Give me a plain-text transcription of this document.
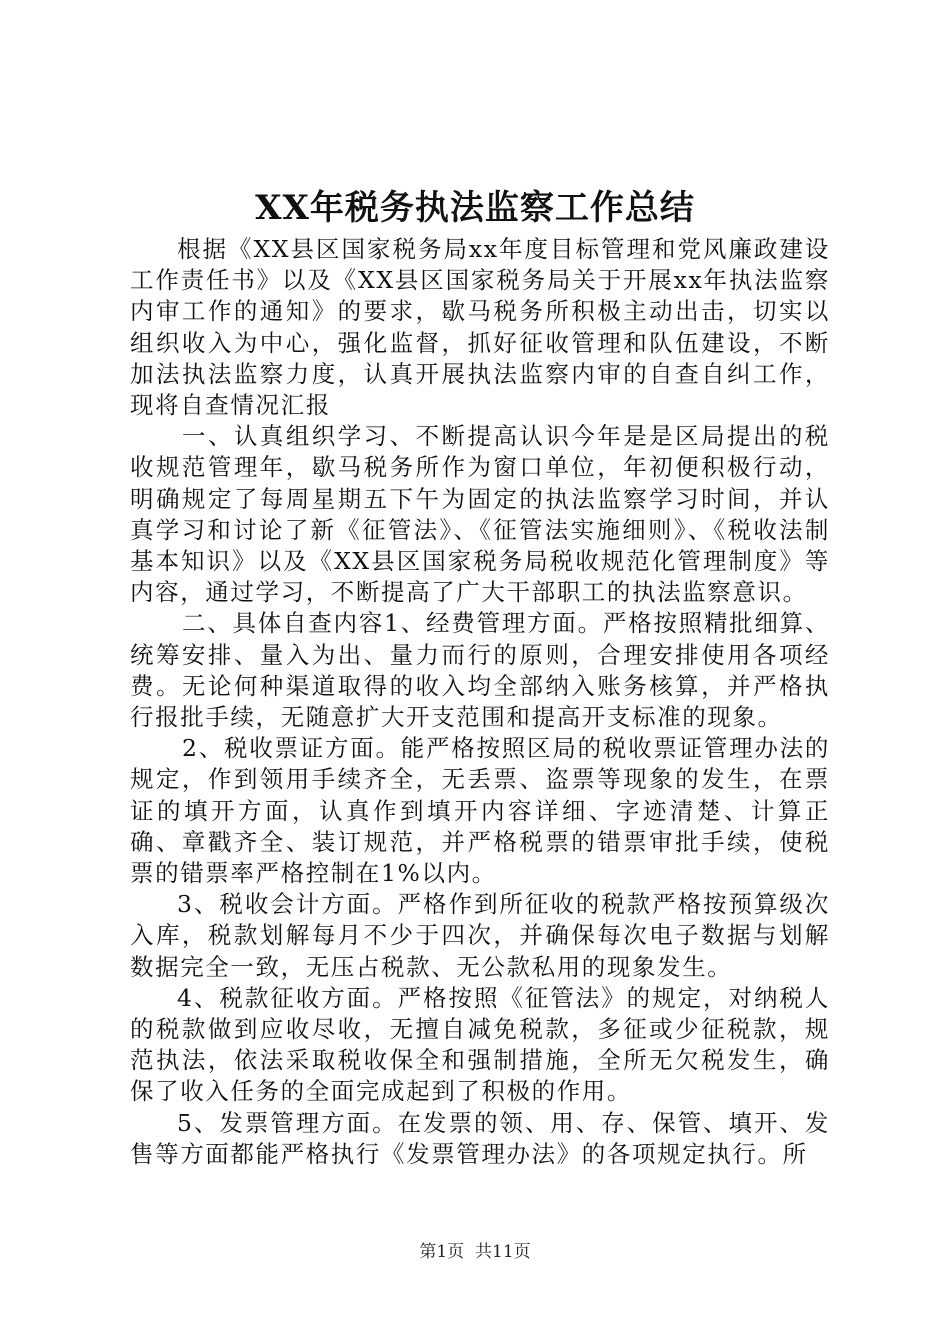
XX年税务执法监察工作总结

根据《XX县区国家税务局xx年度目标管理和党风廉政建设工作责任书》以及《XX县区国家税务局关于开展xx年执法监察内审工作的通知》的要求，歇马税务所积极主动出击，切实以组织收入为中心，强化监督，抓好征收管理和队伍建设，不断加法执法监察力度，认真开展执法监察内审的自查自纠工作，现将自查情况汇报

一、认真组织学习、不断提高认识今年是是区局提出的税收规范管理年，歇马税务所作为窗口单位，年初便积极行动，明确规定了每周星期五下午为固定的执法监察学习时间，并认真学习和讨论了新《征管法》、《征管法实施细则》、《税收法制基本知识》以及《XX县区国家税务局税收规范化管理制度》等内容，通过学习，不断提高了广大干部职工的执法监察意识。

二、具体自查内容1、经费管理方面。严格按照精批细算、统筹安排、量入为出、量力而行的原则，合理安排使用各项经费。无论何种渠道取得的收入均全部纳入账务核算，并严格执行报批手续，无随意扩大开支范围和提高开支标准的现象。

2、税收票证方面。能严格按照区局的税收票证管理办法的规定，作到领用手续齐全，无丢票、盗票等现象的发生，在票证的填开方面，认真作到填开内容详细、字迹清楚、计算正确、章戳齐全、装订规范，并严格税票的错票审批手续，使税票的错票率严格控制在1%以内。

3、税收会计方面。严格作到所征收的税款严格按预算级次入库，税款划解每月不少于四次，并确保每次电子数据与划解数据完全一致，无压占税款、无公款私用的现象发生。

4、税款征收方面。严格按照《征管法》的规定，对纳税人的税款做到应收尽收，无擅自减免税款，多征或少征税款，规范执法，依法采取税收保全和强制措施，全所无欠税发生，确保了收入任务的全面完成起到了积极的作用。

5、发票管理方面。在发票的领、用、存、保管、填开、发售等方面都能严格执行《发票管理办法》的各项规定执行。所

第1页 共11页
